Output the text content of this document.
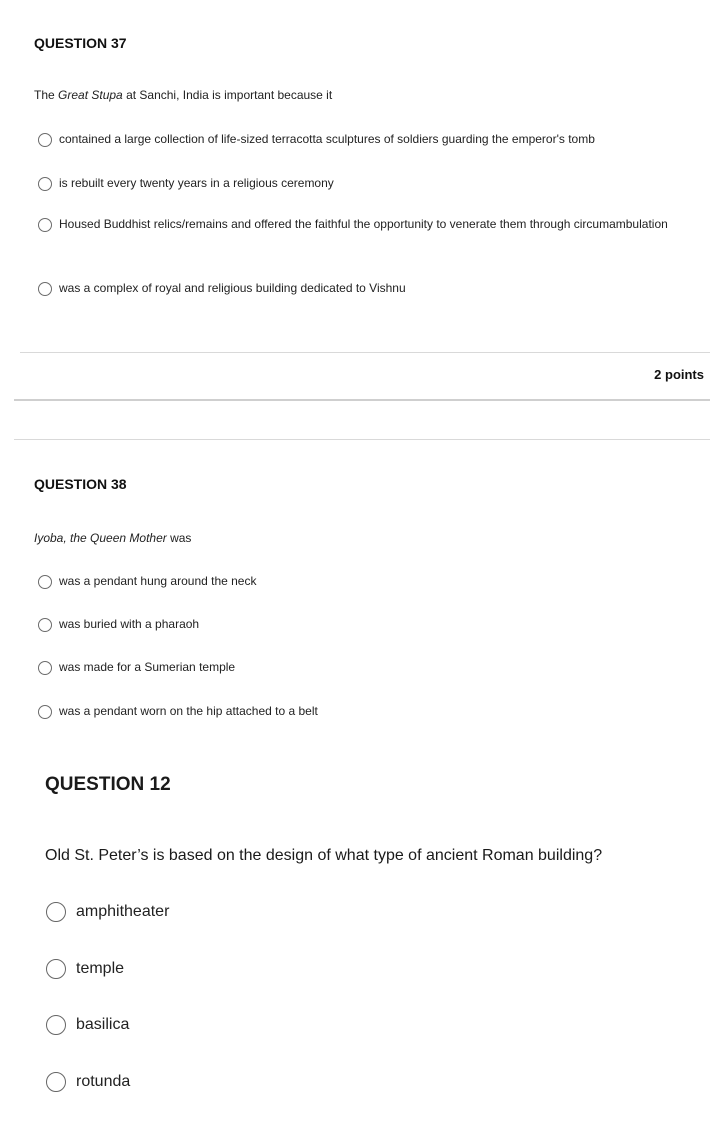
QUESTION 37
The Great Stupa at Sanchi, India is important because it
contained a large collection of life-sized terracotta sculptures of soldiers guarding the emperor's tomb
is rebuilt every twenty years in a religious ceremony
Housed Buddhist relics/remains and offered the faithful the opportunity to venerate them through circumambulation
was a complex of royal and religious building dedicated to Vishnu
2 points
QUESTION 38
Iyoba, the Queen Mother was
was a pendant hung around the neck
was buried with a pharaoh
was made for a Sumerian temple
was a pendant worn on the hip attached to a belt
QUESTION 12
Old St. Peter’s is based on the design of what type of ancient Roman building?
amphitheater
temple
basilica
rotunda
